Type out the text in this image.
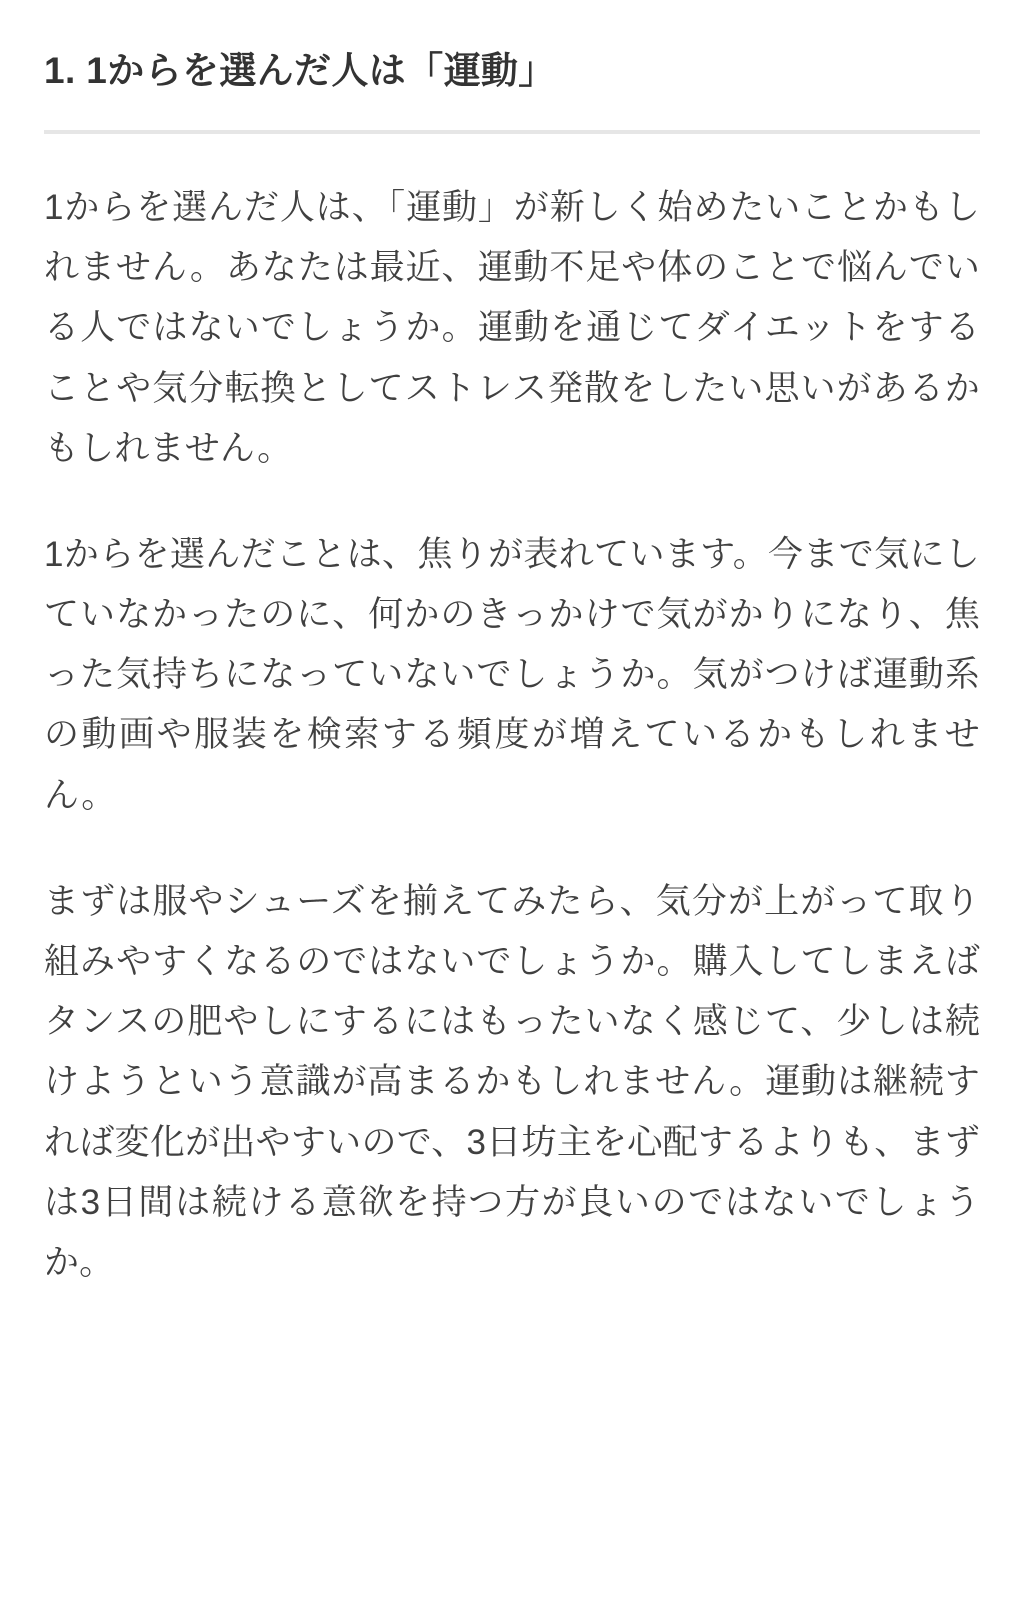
1. 1からを選んだ人は「運動」

1からを選んだ人は、「運動」が新しく始めたいことかもしれません。あなたは最近、運動不足や体のことで悩んでいる人ではないでしょうか。運動を通じてダイエットをすることや気分転換としてストレス発散をしたい思いがあるかもしれません。

1からを選んだことは、焦りが表れています。今まで気にしていなかったのに、何かのきっかけで気がかりになり、焦った気持ちになっていないでしょうか。気がつけば運動系の動画や服装を検索する頻度が増えているかもしれません。

まずは服やシューズを揃えてみたら、気分が上がって取り組みやすくなるのではないでしょうか。購入してしまえばタンスの肥やしにするにはもったいなく感じて、少しは続けようという意識が高まるかもしれません。運動は継続すれば変化が出やすいので、3日坊主を心配するよりも、まずは3日間は続ける意欲を持つ方が良いのではないでしょうか。
